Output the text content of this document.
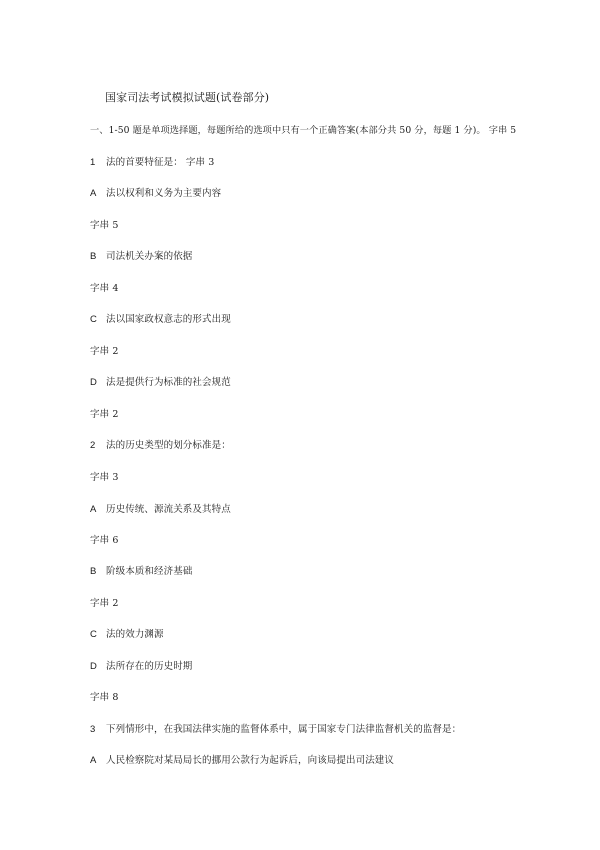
国家司法考试模拟试题(试卷部分)
一、1-50 题是单项选择题，每题所给的选项中只有一个正确答案(本部分共 50 分，每题 1 分)。 字串 5
1 法的首要特征是： 字串 3
A 法以权利和义务为主要内容
字串 5
B 司法机关办案的依据
字串 4
C 法以国家政权意志的形式出现
字串 2
D 法是提供行为标准的社会规范
字串 2
2 法的历史类型的划分标准是：
字串 3
A 历史传统、源流关系及其特点
字串 6
B 阶级本质和经济基础
字串 2
C 法的效力渊源
D 法所存在的历史时期
字串 8
3 下列情形中，在我国法律实施的监督体系中，属于国家专门法律监督机关的监督是：
A 人民检察院对某局局长的挪用公款行为起诉后，向该局提出司法建议
